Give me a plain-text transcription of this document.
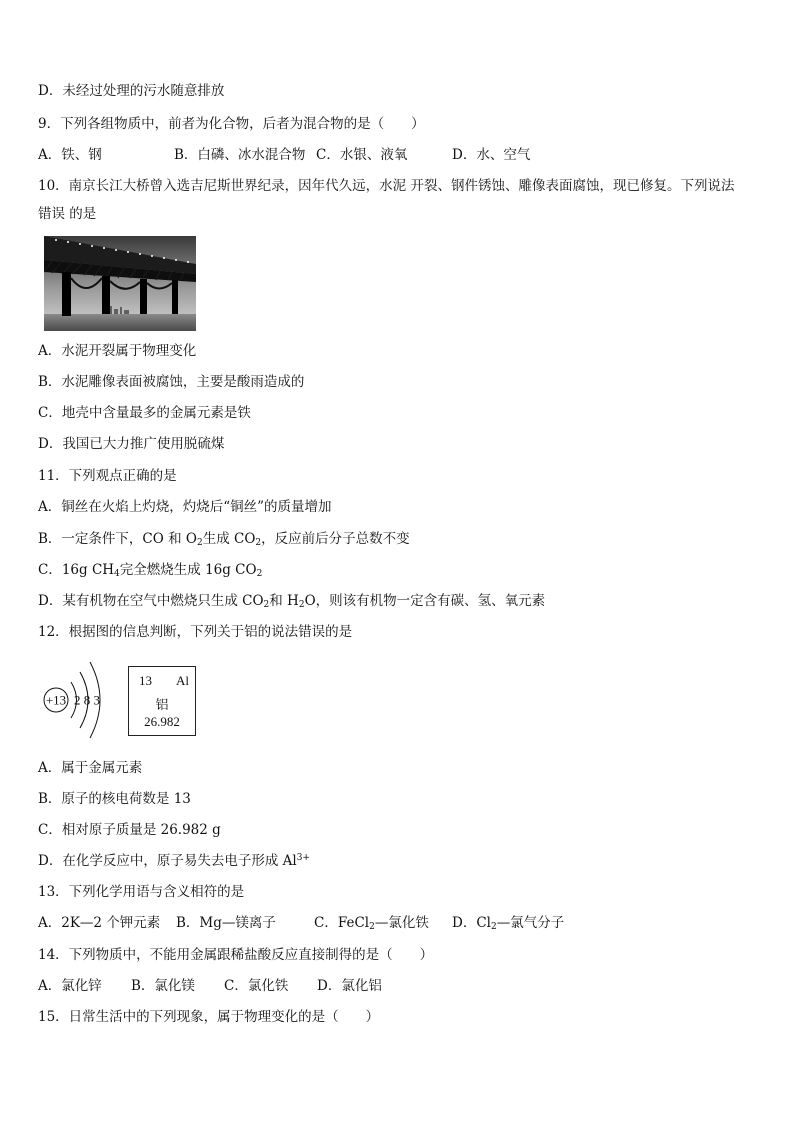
D．未经过处理的污水随意排放
9．下列各组物质中，前者为化合物，后者为混合物的是（　　）
A．铁、钢	B．白磷、冰水混合物 C．水银、液氧	D．水、空气
10．南京长江大桥曾入选吉尼斯世界纪录，因年代久远，水泥 开裂、钢件锈蚀、雕像表面腐蚀，现已修复。下列说法
错误 的是
A．水泥开裂属于物理变化
B．水泥雕像表面被腐蚀，主要是酸雨造成的
C．地壳中含量最多的金属元素是铁
D．我国已大力推广使用脱硫煤
11．下列观点正确的是
A．铜丝在火焰上灼烧，灼烧后“铜丝”的质量增加
B．一定条件下，CO 和 $O_2$生成 $CO_2$，反应前后分子总数不变
C．16g $CH_4$完全燃烧生成 16g $CO_2$
D．某有机物在空气中燃烧只生成 $CO_2$和 $H_2O$，则该有机物一定含有碳、氢、氧元素
12．根据图的信息判断，下列关于铝的说法错误的是
+13 2 8 3
13 Al
铝
26.982
A．属于金属元素
B．原子的核电荷数是 13
C．相对原子质量是 26.982 g
D．在化学反应中，原子易失去电子形成 $Al^{3+}$
13．下列化学用语与含义相符的是
A．2K—2 个钾元素 B．Mg—镁离子	C．FeCl$_2$—氯化铁 D．$Cl_2—$氯气分子
14．下列物质中，不能用金属跟稀盐酸反应直接制得的是（　　）
A．氯化锌 B．氯化镁 C．氯化铁 D．氯化铝
15．日常生活中的下列现象，属于物理变化的是（　　）
